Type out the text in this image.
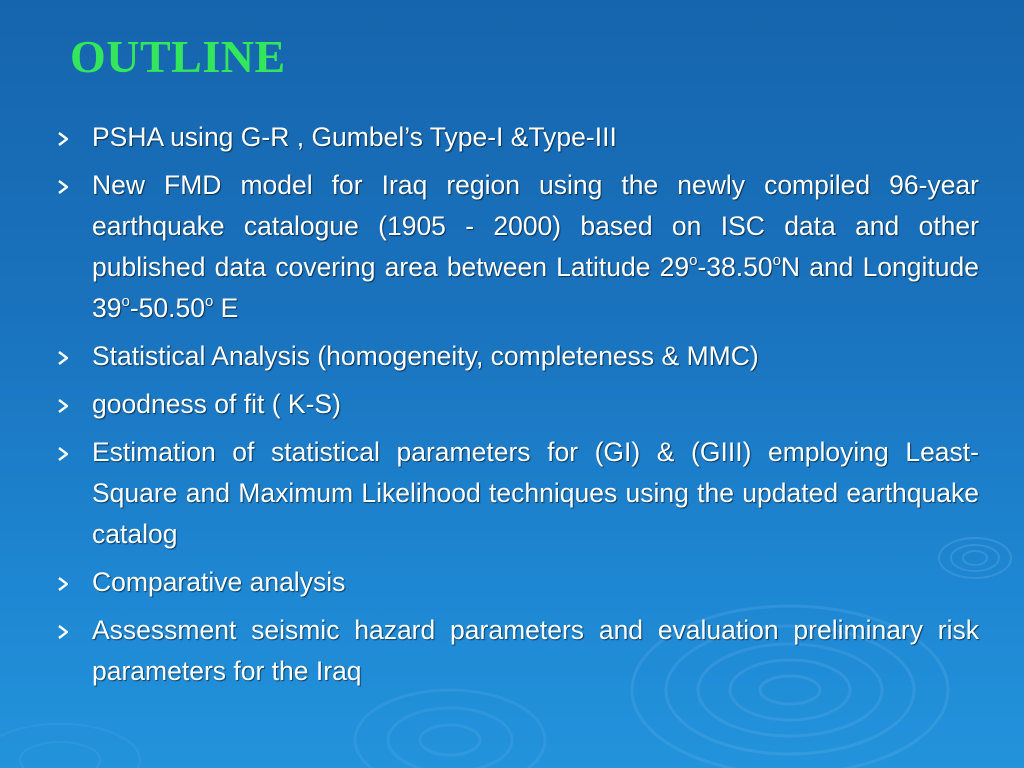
OUTLINE
PSHA using G-R , Gumbel’s Type-I &Type-III
New FMD model for Iraq region using the newly compiled 96-year earthquake catalogue (1905 - 2000) based on ISC data and other published data covering area between Latitude 29$^o$-38.50$^o$N and Longitude 39$^o$-50.50$^o$ E
Statistical Analysis (homogeneity, completeness & MMC)
goodness of fit ( K-S)
Estimation of statistical parameters for (GI) & (GIII) employing Least-Square and Maximum Likelihood techniques using the updated earthquake catalog
Comparative analysis
Assessment seismic hazard parameters and evaluation preliminary risk parameters for the Iraq
